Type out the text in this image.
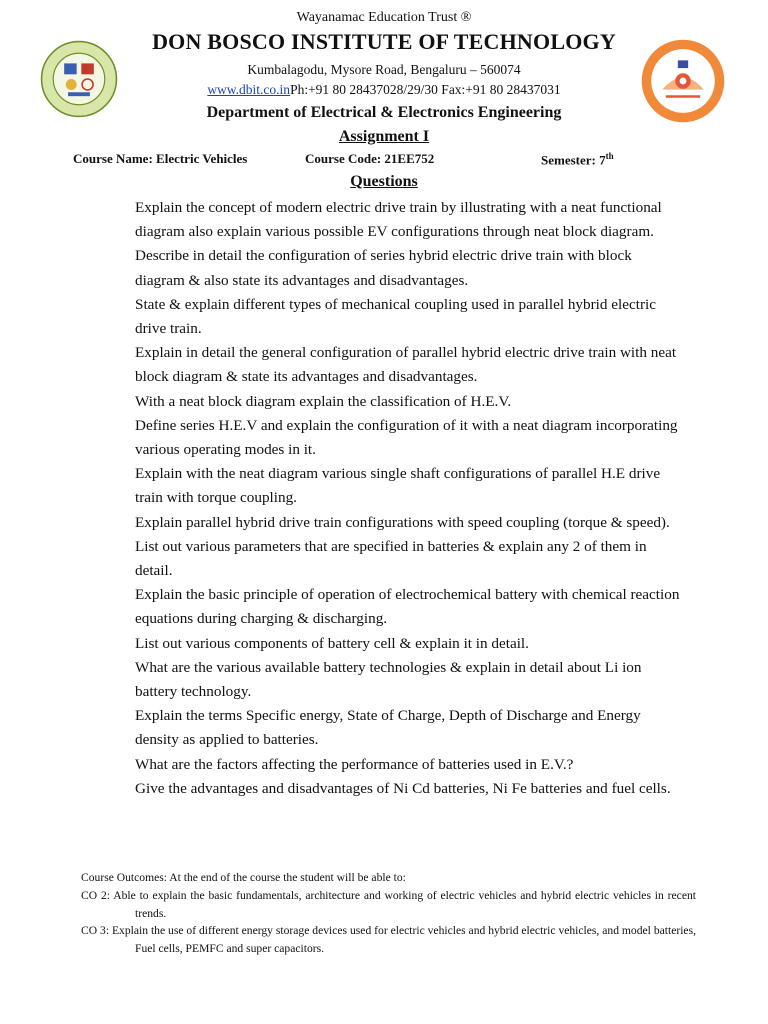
Wayanamac Education Trust ®
DON BOSCO INSTITUTE OF TECHNOLOGY
Kumbalagodu, Mysore Road, Bengaluru – 560074
www.dbit.co.inPh:+91 80 28437028/29/30 Fax:+91 80 28437031
Department of Electrical & Electronics Engineering
Assignment I
Course Name: Electric Vehicles	Course Code: 21EE752	Semester: 7th
Questions
Explain the concept of modern electric drive train by illustrating with a neat functional diagram also explain various possible EV configurations through neat block diagram.
Describe in detail the configuration of series hybrid electric drive train with block diagram & also state its advantages and disadvantages.
State & explain different types of mechanical coupling used in parallel hybrid electric drive train.
Explain in detail the general configuration of parallel hybrid electric drive train with neat block diagram & state its advantages and disadvantages.
With a neat block diagram explain the classification of H.E.V.
Define series H.E.V and explain the configuration of it with a neat diagram incorporating various operating modes in it.
Explain with the neat diagram various single shaft configurations of parallel H.E drive train with torque coupling.
Explain parallel hybrid drive train configurations with speed coupling (torque & speed).
List out various parameters that are specified in batteries & explain any 2 of them in detail.
Explain the basic principle of operation of electrochemical battery with chemical reaction equations during charging & discharging.
List out various components of battery cell & explain it in detail.
What are the various available battery technologies & explain in detail about Li ion battery technology.
Explain the terms Specific energy, State of Charge, Depth of Discharge and Energy density as applied to batteries.
What are the factors affecting the performance of batteries used in E.V.?
Give the advantages and disadvantages of Ni Cd batteries, Ni Fe batteries and fuel cells.

Course Outcomes: At the end of the course the student will be able to:

CO 2: Able to explain the basic fundamentals, architecture and working of electric vehicles and hybrid electric vehicles in recent trends.

CO 3: Explain the use of different energy storage devices used for electric vehicles and hybrid electric vehicles, and model batteries, Fuel cells, PEMFC and super capacitors.
